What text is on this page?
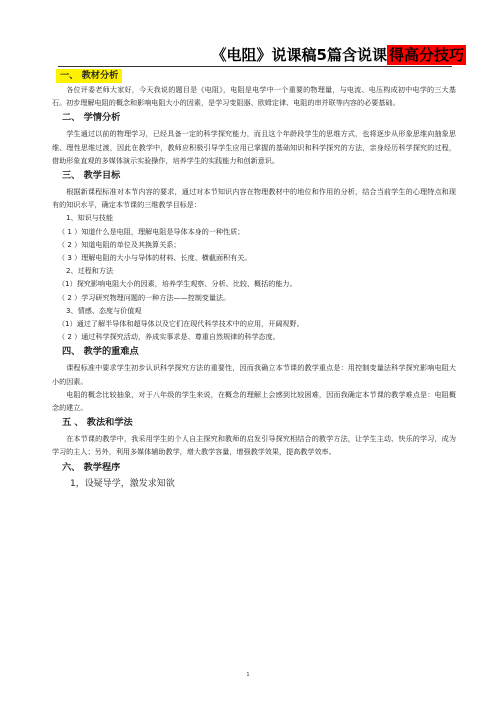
《电阻》说课稿5篇含说课 得高分技巧
一、 教材分析

各位评委老师大家好，今天我说的题目是《电阻》，电阻是电学中一个重要的物理量，与电流、电压构成初中电学的三大基石。初步理解电阻的概念和影响电阻大小的因素，是学习变阻器、欧姆定律、电阻的串并联等内容的必要基础。

二、 学情分析

学生通过以前的物理学习，已经具备一定的科学探究能力，而且这个年龄段学生的思维方式，也将逐步从形象思维向抽象思维、理性思维过渡，因此在教学中，教师应积极引导学生应用已掌握的基础知识和科学探究的方法，亲身经历科学探究的过程，借助形象直观的多媒体演示实验操作，培养学生的实践能力和创新意识。

三、 教学目标

根据新课程标准对本节内容的要求，通过对本节知识内容在物理教材中的地位和作用的分析，结合当前学生的心理特点和现有的知识水平，确定本节课的三维教学目标是：

1、知识与技能

（ 1 ）知道什么是电阻，理解电阻是导体本身的一种性质；

（ 2 ）知道电阻的单位及其换算关系；

（ 3 ）理解电阻的大小与导体的材料、长度、横截面积有关。

2、过程和方法

（1）探究影响电阻大小的因素，培养学生观察、分析、比较、概括的能力。

（ 2 ）学习研究物理问题的一种方法——控制变量法。

3、情感、态度与价值观

（1）通过了解半导体和超导体以及它们在现代科学技术中的应用，开阔视野。

（ 2 ）通过科学探究活动，养成实事求是、尊重自然规律的科学态度。

四、 教学的重难点

课程标准中要求学生初步认识科学探究方法的重要性，因而我确立本节课的教学重点是：用控制变量法科学探究影响电阻大小的因素。

电阻的概念比较抽象，对于八年级的学生来说，在概念的理解上会感到比较困难，因而我确定本节课的教学难点是：电阻概念的建立。

五 、 教法和学法

在本节课的教学中，我采用学生的个人自主探究和教师的启发引导探究相结合的教学方法，让学生主动、快乐的学习，成为学习的主人；另外，利用多媒体辅助教学，增大教学容量，增强教学效果，提高教学效率。

六、 教学程序

1，设疑导学，激发求知欲

1
